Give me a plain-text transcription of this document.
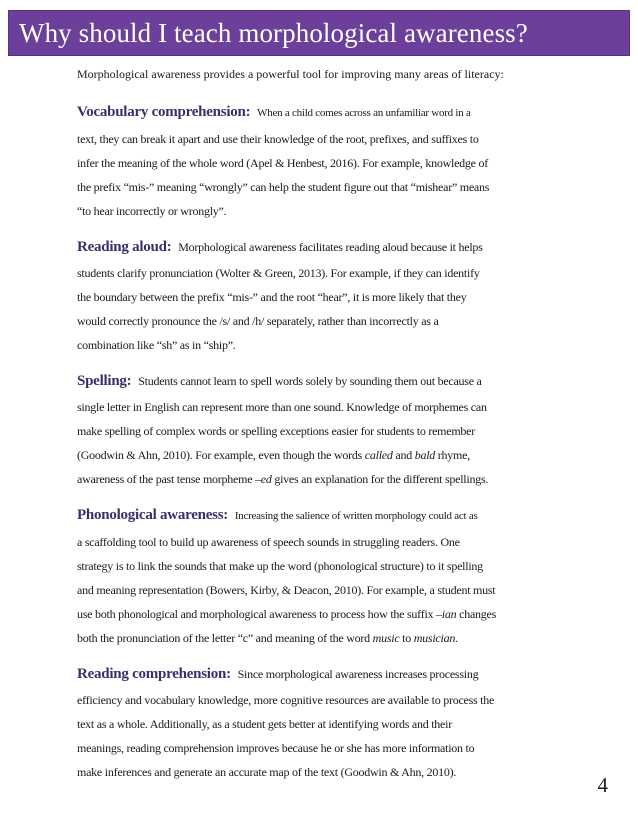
Why should I teach morphological awareness?

Morphological awareness provides a powerful tool for improving many areas of literacy:

Vocabulary comprehension: When a child comes across an unfamiliar word in a

text, they can break it apart and use their knowledge of the root, prefixes, and suffixes to

infer the meaning of the whole word (Apel & Henbest, 2016). For example, knowledge of

the prefix “mis-” meaning “wrongly” can help the student figure out that “mishear” means

“to hear incorrectly or wrongly”.

Reading aloud: Morphological awareness facilitates reading aloud because it helps

students clarify pronunciation (Wolter & Green, 2013). For example, if they can identify

the boundary between the prefix “mis-” and the root “hear”, it is more likely that they

would correctly pronounce the /s/ and /h/ separately, rather than incorrectly as a

combination like “sh” as in “ship”.

Spelling: Students cannot learn to spell words solely by sounding them out because a

single letter in English can represent more than one sound. Knowledge of morphemes can

make spelling of complex words or spelling exceptions easier for students to remember

(Goodwin & Ahn, 2010). For example, even though the words called and bald rhyme,

awareness of the past tense morpheme –ed gives an explanation for the different spellings.

Phonological awareness: Increasing the salience of written morphology could act as

a scaffolding tool to build up awareness of speech sounds in struggling readers. One

strategy is to link the sounds that make up the word (phonological structure) to it spelling

and meaning representation (Bowers, Kirby, & Deacon, 2010). For example, a student must

use both phonological and morphological awareness to process how the suffix –ian changes

both the pronunciation of the letter “c” and meaning of the word music to musician.

Reading comprehension: Since morphological awareness increases processing

efficiency and vocabulary knowledge, more cognitive resources are available to process the

text as a whole. Additionally, as a student gets better at identifying words and their

meanings, reading comprehension improves because he or she has more information to

make inferences and generate an accurate map of the text (Goodwin & Ahn, 2010).

4
